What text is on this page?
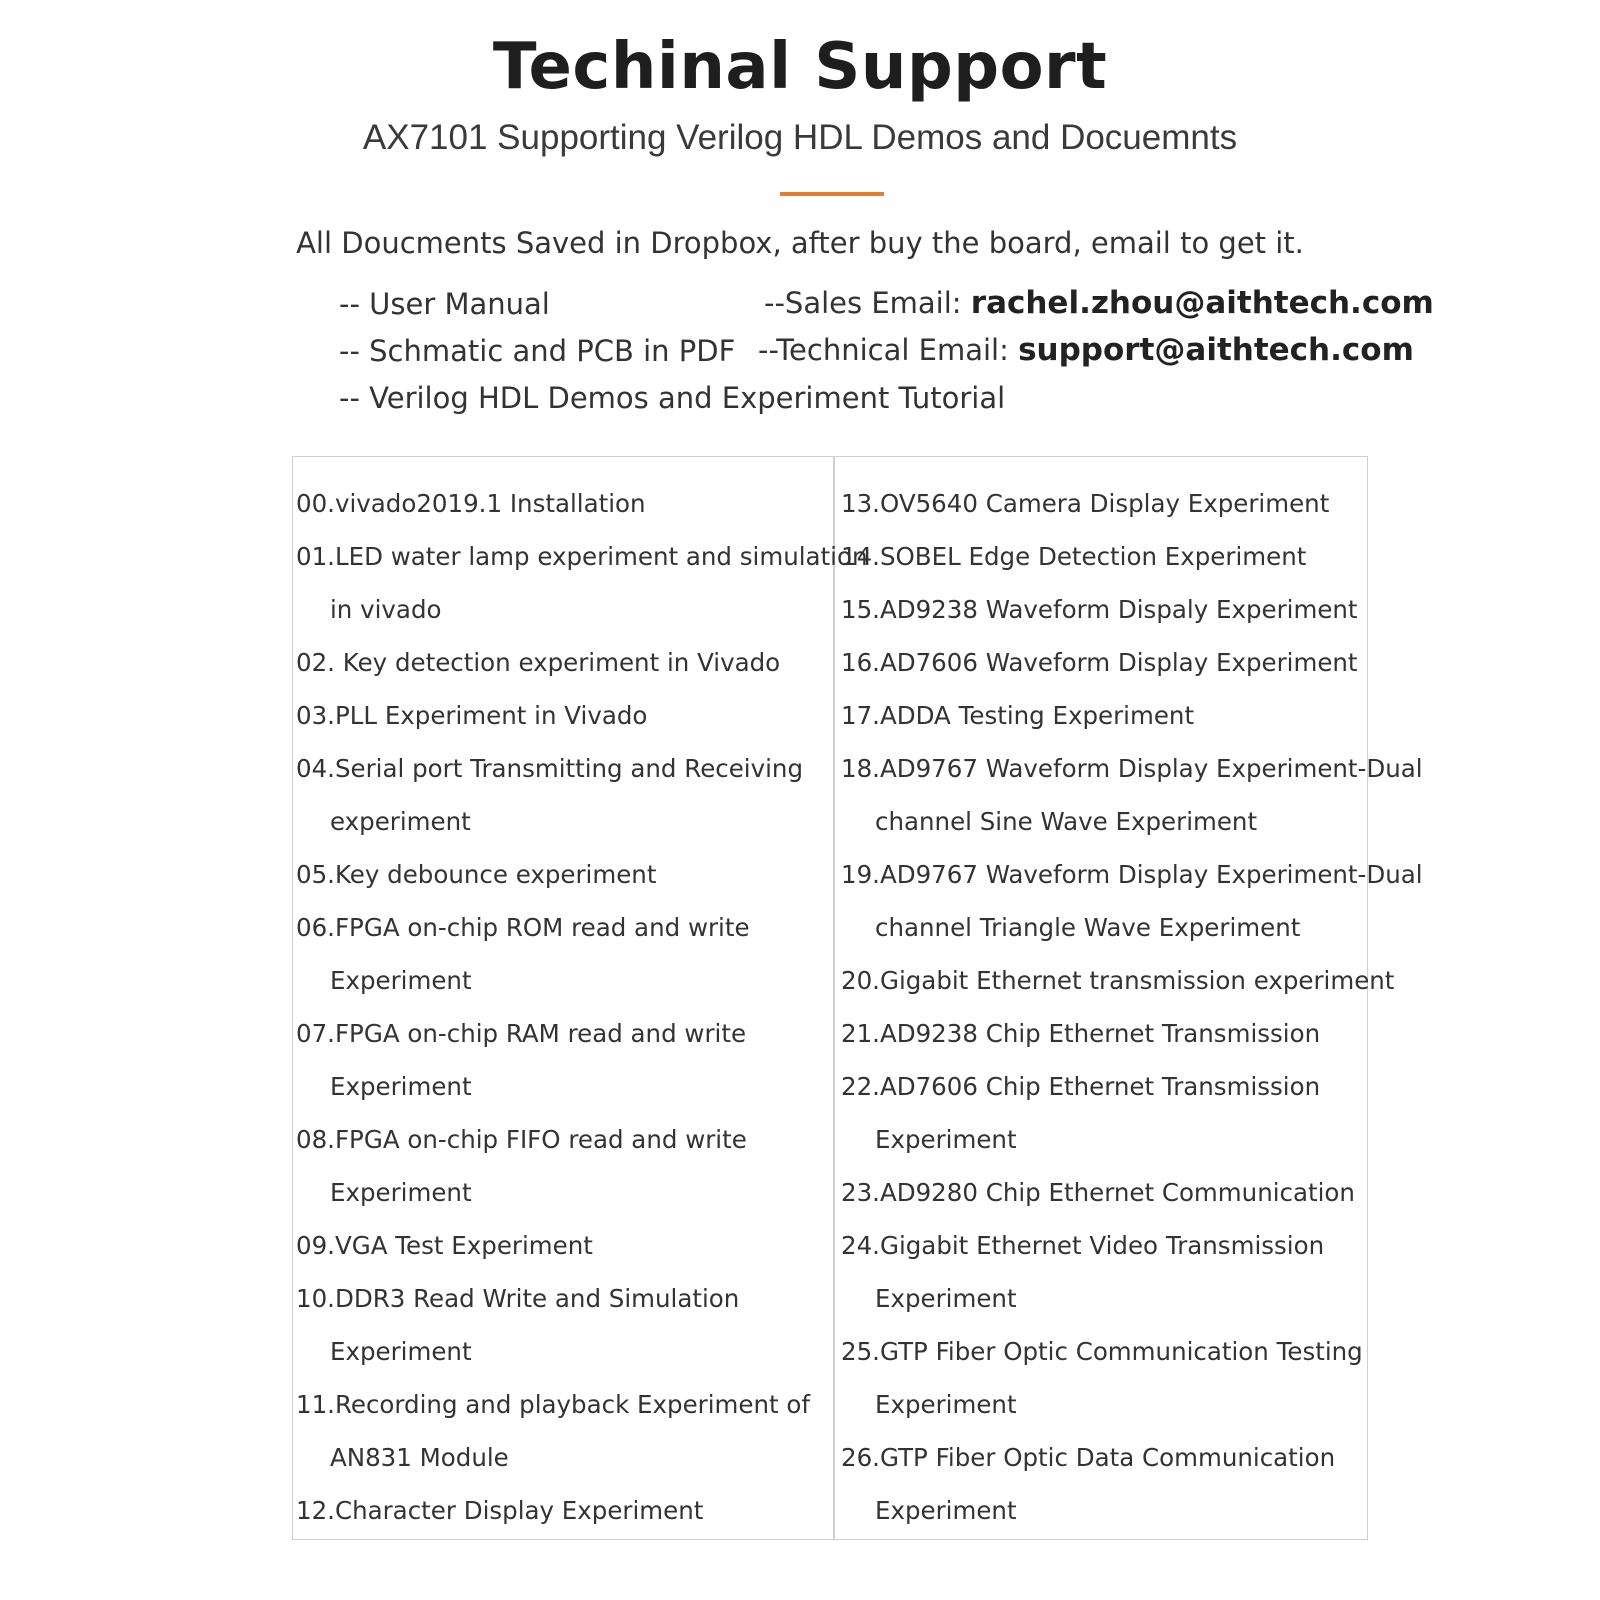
Techinal Support
AX7101 Supporting Verilog HDL Demos and Docuemnts
All Doucments Saved in Dropbox, after buy the board, email to get it.
-- User Manual
-- Schmatic and PCB in PDF
-- Verilog HDL Demos and Experiment Tutorial
--Sales Email: rachel.zhou@aithtech.com
--Technical Email: support@aithtech.com
00.vivado2019.1 Installation
01.LED water lamp experiment and simulation
in vivado
02. Key detection experiment in Vivado
03.PLL Experiment in Vivado
04.Serial port Transmitting and Receiving
experiment
05.Key debounce experiment
06.FPGA on-chip ROM read and write
Experiment
07.FPGA on-chip RAM read and write
Experiment
08.FPGA on-chip FIFO read and write
Experiment
09.VGA Test Experiment
10.DDR3 Read Write and Simulation
Experiment
11.Recording and playback Experiment of
AN831 Module
12.Character Display Experiment
13.OV5640 Camera Display Experiment
14.SOBEL Edge Detection Experiment
15.AD9238 Waveform Dispaly Experiment
16.AD7606 Waveform Display Experiment
17.ADDA Testing Experiment
18.AD9767 Waveform Display Experiment-Dual
channel Sine Wave Experiment
19.AD9767 Waveform Display Experiment-Dual
channel Triangle Wave Experiment
20.Gigabit Ethernet transmission experiment
21.AD9238 Chip Ethernet Transmission
22.AD7606 Chip Ethernet Transmission
Experiment
23.AD9280 Chip Ethernet Communication
24.Gigabit Ethernet Video Transmission
Experiment
25.GTP Fiber Optic Communication Testing
Experiment
26.GTP Fiber Optic Data Communication
Experiment
